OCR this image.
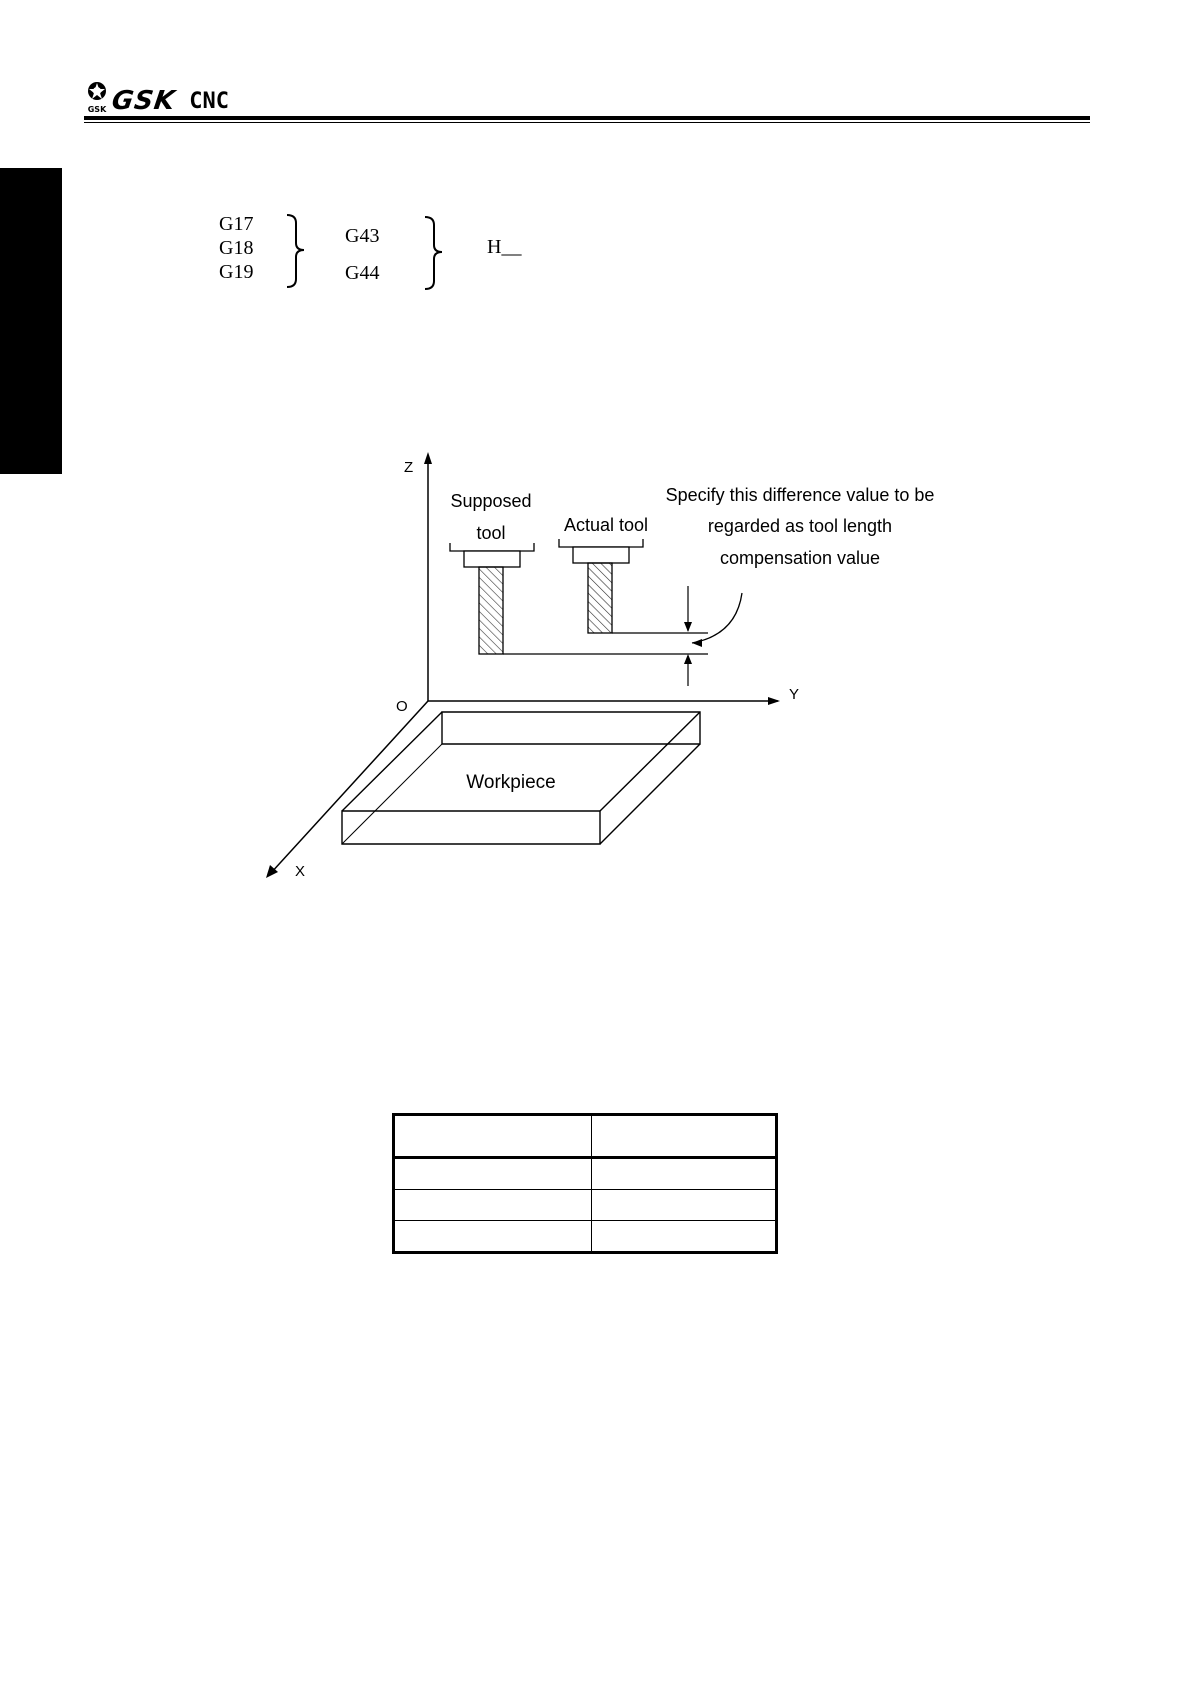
GSK GSK CNC
G17
G18
G19
G43
G44
H__
Z
Y
X
O
Supposed
tool	Actual tool
Specify this difference value to be
regarded as tool length
compensation value
Workpiece
